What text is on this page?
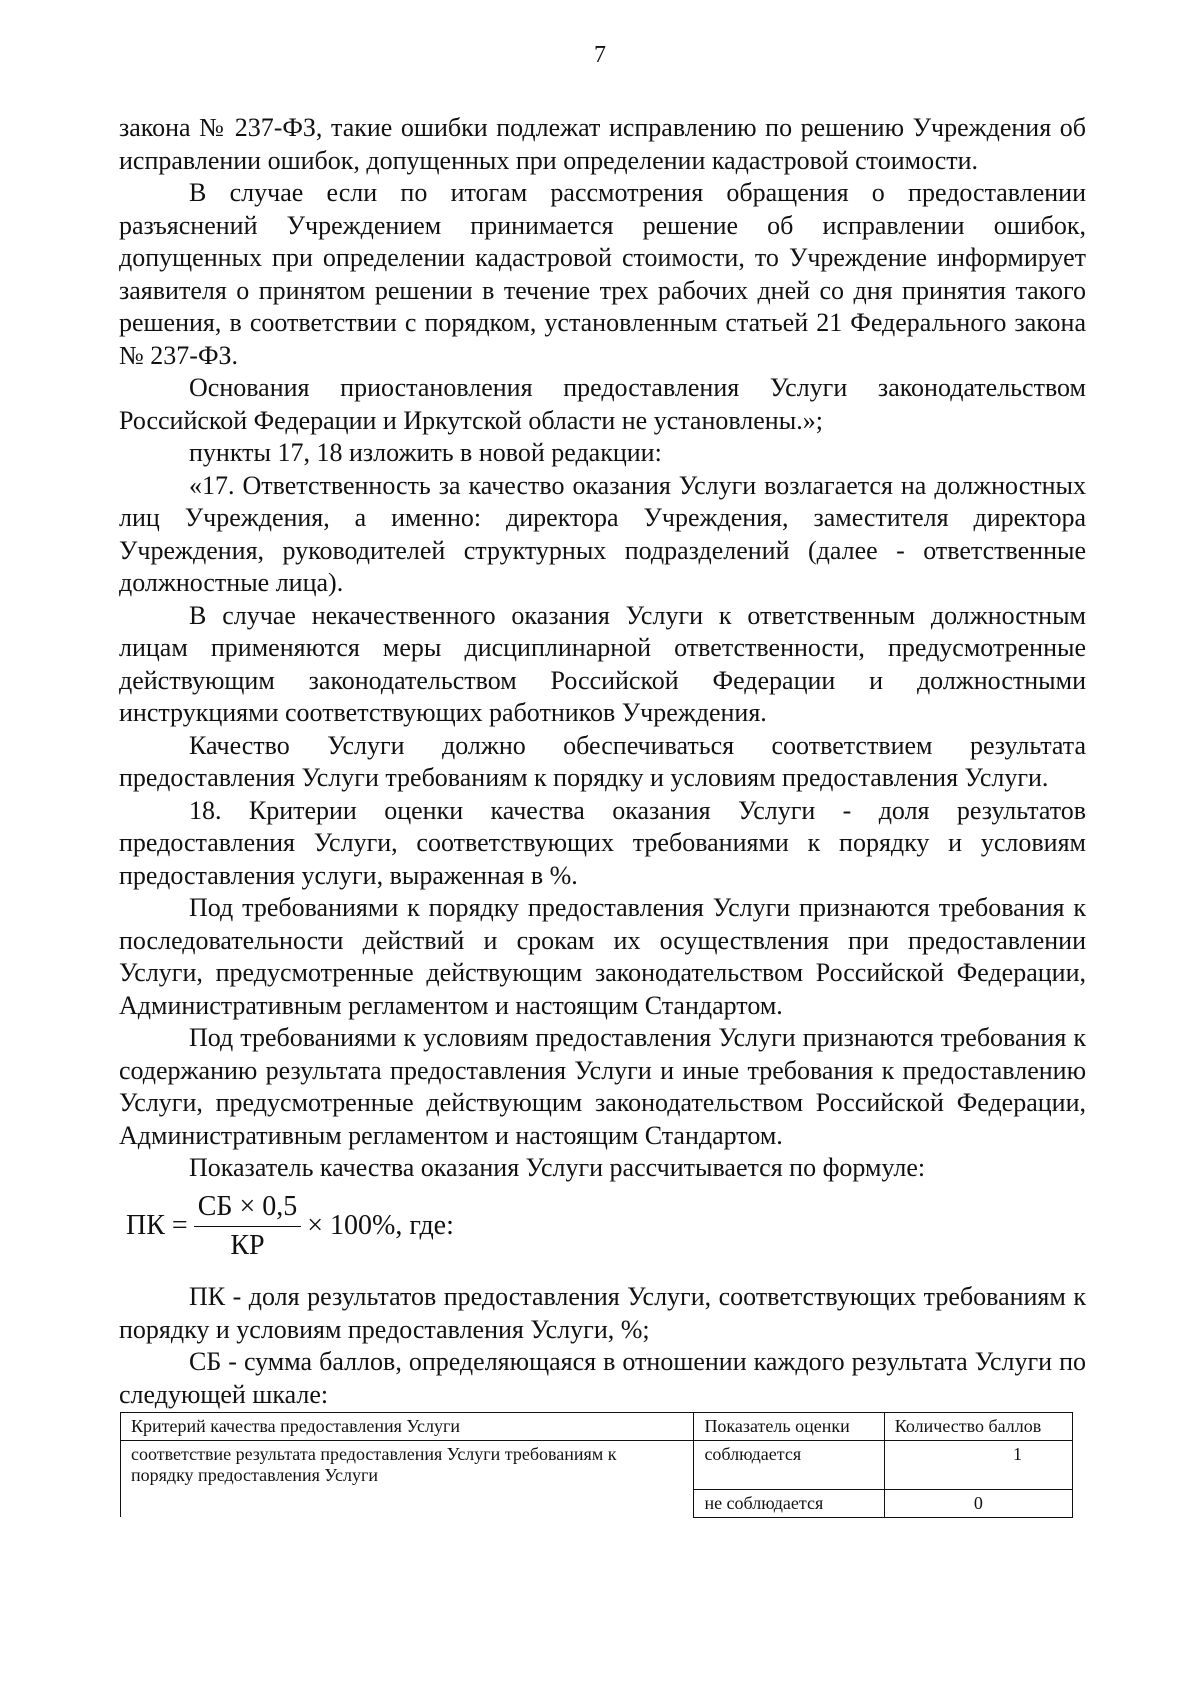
7

закона № 237-ФЗ, такие ошибки подлежат исправлению по решению Учреждения об исправлении ошибок, допущенных при определении кадастровой стоимости.

В случае если по итогам рассмотрения обращения о предоставлении разъяснений Учреждением принимается решение об исправлении ошибок, допущенных при определении кадастровой стоимости, то Учреждение информирует заявителя о принятом решении в течение трех рабочих дней со дня принятия такого решения, в соответствии с порядком, установленным статьей 21 Федерального закона № 237-ФЗ.

Основания приостановления предоставления Услуги законодательством Российской Федерации и Иркутской области не установлены.»;

пункты 17, 18 изложить в новой редакции:

«17. Ответственность за качество оказания Услуги возлагается на должностных лиц Учреждения, а именно: директора Учреждения, заместителя директора Учреждения, руководителей структурных подразделений (далее - ответственные должностные лица).

В случае некачественного оказания Услуги к ответственным должностным лицам применяются меры дисциплинарной ответственности, предусмотренные действующим законодательством Российской Федерации и должностными инструкциями соответствующих работников Учреждения.

Качество Услуги должно обеспечиваться соответствием результата предоставления Услуги требованиям к порядку и условиям предоставления Услуги.

18. Критерии оценки качества оказания Услуги - доля результатов предоставления Услуги, соответствующих требованиями к порядку и условиям предоставления услуги, выраженная в %.

Под требованиями к порядку предоставления Услуги признаются требования к последовательности действий и срокам их осуществления при предоставлении Услуги, предусмотренные действующим законодательством Российской Федерации, Административным регламентом и настоящим Стандартом.

Под требованиями к условиям предоставления Услуги признаются требования к содержанию результата предоставления Услуги и иные требования к предоставлению Услуги, предусмотренные действующим законодательством Российской Федерации, Административным регламентом и настоящим Стандартом.

Показатель качества оказания Услуги рассчитывается по формуле:

ПК = $\frac{СБ \times 0,5}{КР} \times 100\%$, где:

ПК - доля результатов предоставления Услуги, соответствующих требованиям к порядку и условиям предоставления Услуги, %;

СБ - сумма баллов, определяющаяся в отношении каждого результата Услуги по следующей шкале:

Критерий качества предоставления Услуги	Показатель оценки	Количество баллов
соответствие результата предоставления Услуги требованиям к порядку предоставления Услуги	соблюдается	1
	не соблюдается	0
